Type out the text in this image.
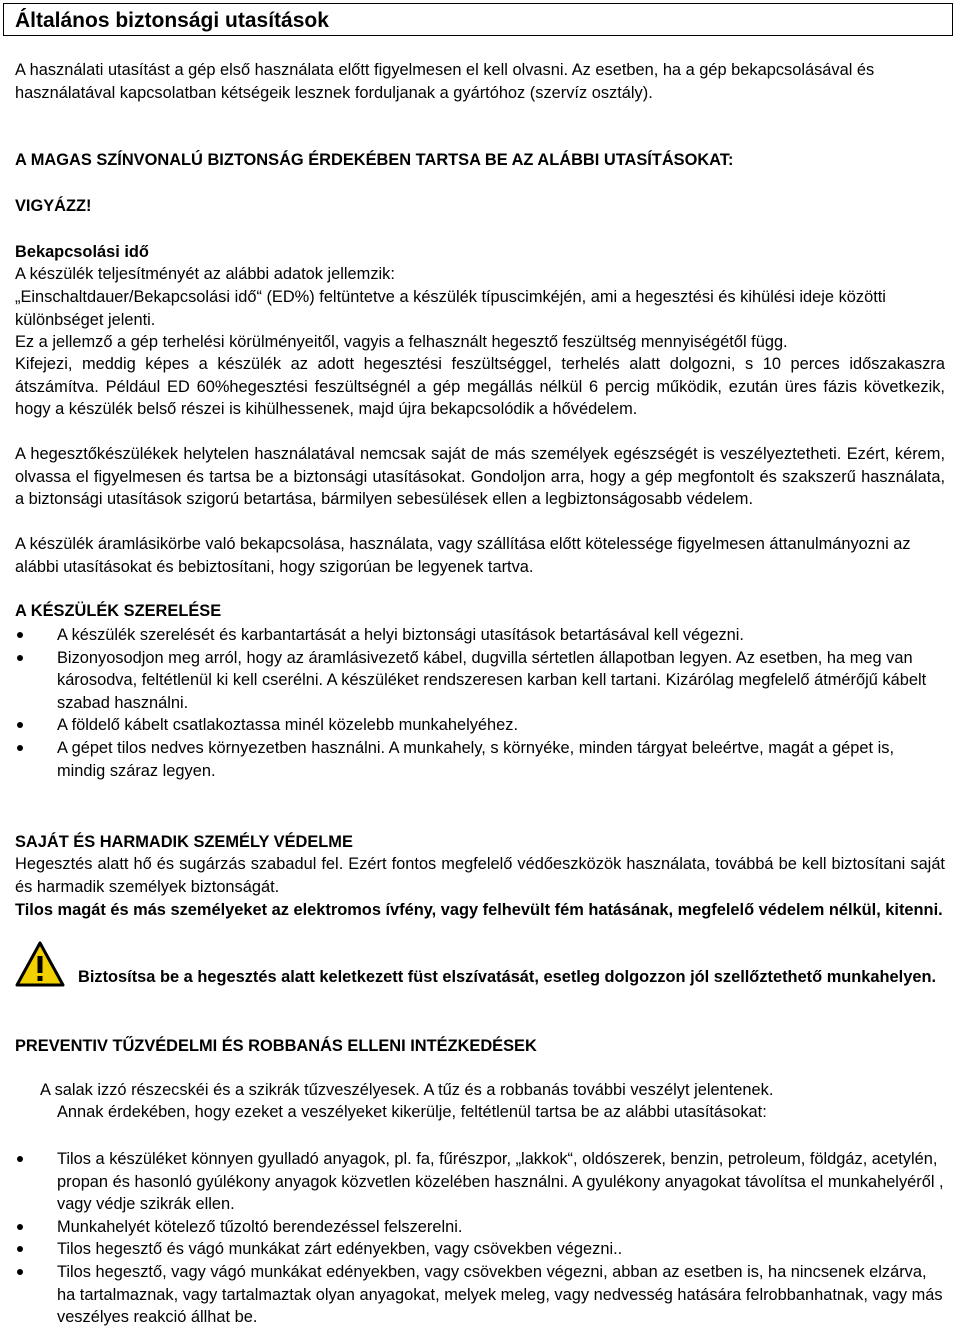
Általános biztonsági utasítások

A használati utasítást a gép első használata előtt figyelmesen el kell olvasni. Az esetben, ha a gép bekapcsolásával és használatával kapcsolatban kétségeik lesznek forduljanak a gyártóhoz (szervíz osztály).

A MAGAS SZÍNVONALÚ BIZTONSÁG ÉRDEKÉBEN TARTSA BE AZ ALÁBBI UTASÍTÁSOKAT:

VIGYÁZZ!

Bekapcsolási idő

A készülék teljesítményét az alábbi adatok jellemzik:

„Einschaltdauer/Bekapcsolási idő“ (ED%) feltüntetve a készülék típuscimkéjén, ami a hegesztési és kihülési ideje közötti különbséget jelenti.

Ez a jellemző a gép terhelési körülményeitől, vagyis a felhasznált hegesztő feszültség mennyiségétől függ.

Kifejezi, meddig képes a készülék az adott hegesztési feszültséggel, terhelés alatt dolgozni, s 10 perces időszakaszra átszámítva. Például ED 60%hegesztési feszültségnél a gép megállás nélkül 6 percig működik, ezután üres fázis következik, hogy a készülék belső részei is kihülhessenek, majd újra bekapcsolódik a hővédelem.

A hegesztőkészülékek helytelen használatával nemcsak saját de más személyek egészségét is veszélyeztetheti. Ezért, kérem, olvassa el figyelmesen és tartsa be a biztonsági utasításokat. Gondoljon arra, hogy a gép megfontolt és szakszerű használata, a biztonsági utasítások szigorú betartása, bármilyen sebesülések ellen a legbiztonságosabb védelem.

A készülék áramlásikörbe való bekapcsolása, használata, vagy szállítása előtt kötelessége figyelmesen áttanulmányozni az alábbi utasításokat és bebiztosítani, hogy szigorúan be legyenek tartva.

A KÉSZÜLÉK SZERELÉSE

A készülék szerelését és karbantartását a helyi biztonsági utasítások betartásával kell végezni.
Bizonyosodjon meg arról, hogy az áramlásivezető kábel, dugvilla sértetlen állapotban legyen. Az esetben, ha meg van károsodva, feltétlenül ki kell cserélni. A készüléket rendszeresen karban kell tartani. Kizárólag megfelelő átmérőjű kábelt szabad használni.
A földelő kábelt csatlakoztassa minél közelebb munkahelyéhez.
A gépet tilos nedves környezetben használni. A munkahely, s környéke, minden tárgyat beleértve, magát a gépet is, mindig száraz legyen.

SAJÁT ÉS HARMADIK SZEMÉLY VÉDELME

Hegesztés alatt hő és sugárzás szabadul fel. Ezért fontos megfelelő védőeszközök használata, továbbá be kell biztosítani saját és harmadik személyek biztonságát.

Tilos magát és más személyeket az elektromos ívfény, vagy felhevült fém hatásának, megfelelő védelem nélkül, kitenni.

Biztosítsa be a hegesztés alatt keletkezett füst elszívatását, esetleg dolgozzon jól szellőztethető munkahelyen.

PREVENTIV TŰZVÉDELMI ÉS ROBBANÁS ELLENI INTÉZKEDÉSEK

A salak izzó részecskéi és a szikrák tűzveszélyesek. A tűz és a robbanás további veszélyt jelentenek.

Annak érdekében, hogy ezeket a veszélyeket kikerülje, feltétlenül tartsa be az alábbi utasításokat:

Tilos a készüléket könnyen gyulladó anyagok, pl. fa, fűrészpor, „lakkok“, oldószerek, benzin, petroleum, földgáz, acetylén, propan és hasonló gyúlékony anyagok közvetlen közelében használni. A gyulékony anyagokat távolítsa el munkahelyéről , vagy védje szikrák ellen.
Munkahelyét kötelező tűzoltó berendezéssel felszerelni.
Tilos hegesztő és vágó munkákat zárt edényekben, vagy csövekben végezni..
Tilos hegesztő, vagy vágó munkákat edényekben, vagy csövekben végezni, abban az esetben is, ha nincsenek elzárva, ha tartalmaznak, vagy tartalmaztak olyan anyagokat, melyek meleg, vagy nedvesség hatására felrobbanhatnak, vagy más veszélyes reakció állhat be.
